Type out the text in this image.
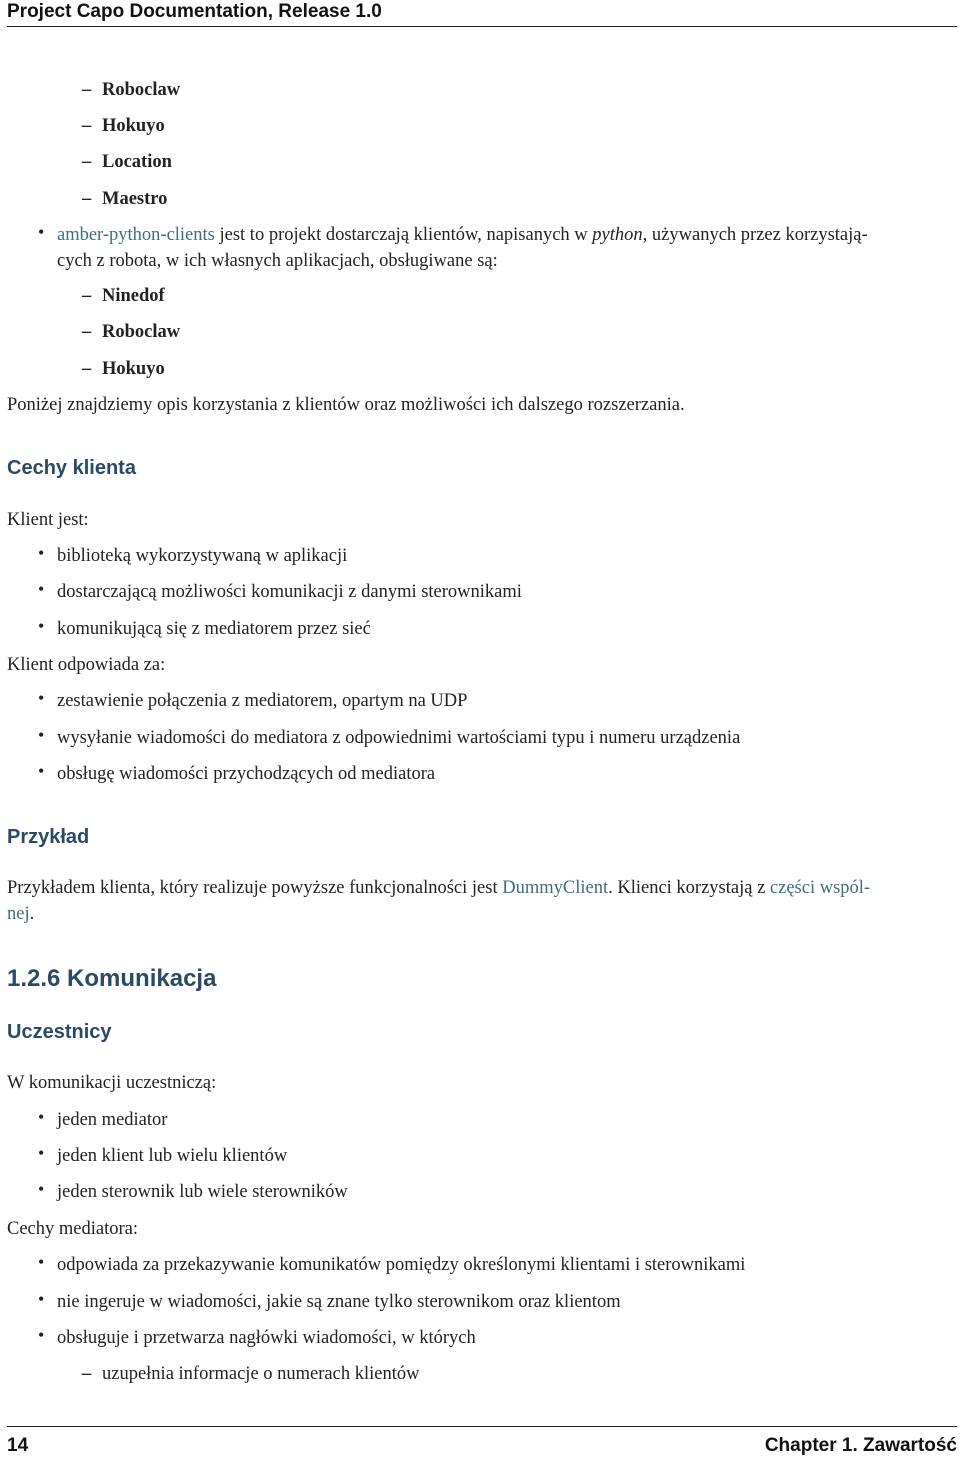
Project Capo Documentation, Release 1.0
– Roboclaw
– Hokuyo
– Location
– Maestro
• amber-python-clients jest to projekt dostarczają klientów, napisanych w python, używanych przez korzystają-
cych z robota, w ich własnych aplikacjach, obsługiwane są:
– Ninedof
– Roboclaw
– Hokuyo
Poniżej znajdziemy opis korzystania z klientów oraz możliwości ich dalszego rozszerzania.
Cechy klienta
Klient jest:
• biblioteką wykorzystywaną w aplikacji
• dostarczającą możliwości komunikacji z danymi sterownikami
• komunikującą się z mediatorem przez sieć
Klient odpowiada za:
• zestawienie połączenia z mediatorem, opartym na UDP
• wysyłanie wiadomości do mediatora z odpowiednimi wartościami typu i numeru urządzenia
• obsługę wiadomości przychodzących od mediatora
Przykład
Przykładem klienta, który realizuje powyższe funkcjonalności jest DummyClient. Klienci korzystają z części wspól-
nej.
1.2.6 Komunikacja
Uczestnicy
W komunikacji uczestniczą:
• jeden mediator
• jeden klient lub wielu klientów
• jeden sterownik lub wiele sterowników
Cechy mediatora:
• odpowiada za przekazywanie komunikatów pomiędzy określonymi klientami i sterownikami
• nie ingeruje w wiadomości, jakie są znane tylko sterownikom oraz klientom
• obsługuje i przetwarza nagłówki wiadomości, w których
– uzupełnia informacje o numerach klientów
14	Chapter 1. Zawartość
